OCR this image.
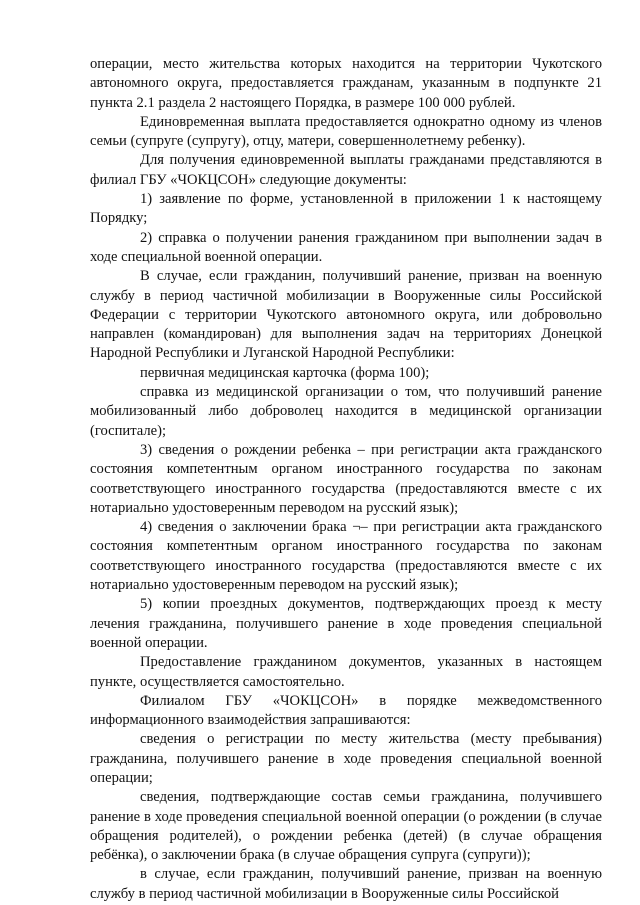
операции, место жительства которых находится на территории Чукотского автономного округа, предоставляется гражданам, указанным в подпункте 21 пункта 2.1 раздела 2 настоящего Порядка, в размере 100 000 рублей.

Единовременная выплата предоставляется однократно одному из членов семьи (супруге (супругу), отцу, матери, совершеннолетнему ребенку).

Для получения единовременной выплаты гражданами представляются в филиал ГБУ «ЧОКЦСОН» следующие документы:

1) заявление по форме, установленной в приложении 1 к настоящему Порядку;

2) справка о получении ранения гражданином при выполнении задач в ходе специальной военной операции.

В случае, если гражданин, получивший ранение, призван на военную службу в период частичной мобилизации в Вооруженные силы Российской Федерации с территории Чукотского автономного округа, или добровольно направлен (командирован) для выполнения задач на территориях Донецкой Народной Республики и Луганской Народной Республики:

первичная медицинская карточка (форма 100);

справка из медицинской организации о том, что получивший ранение мобилизованный либо доброволец находится в медицинской организации (госпитале);

3) сведения о рождении ребенка – при регистрации акта гражданского состояния компетентным органом иностранного государства по законам соответствующего иностранного государства (предоставляются вместе с их нотариально удостоверенным переводом на русский язык);

4) сведения о заключении брака ¬– при регистрации акта гражданского состояния компетентным органом иностранного государства по законам соответствующего иностранного государства (предоставляются вместе с их нотариально удостоверенным переводом на русский язык);

5) копии проездных документов, подтверждающих проезд к месту лечения гражданина, получившего ранение в ходе проведения специальной военной операции.

Предоставление гражданином документов, указанных в настоящем пункте, осуществляется самостоятельно.

Филиалом ГБУ «ЧОКЦСОН» в порядке межведомственного информационного взаимодействия запрашиваются:

сведения о регистрации по месту жительства (месту пребывания) гражданина, получившего ранение в ходе проведения специальной военной операции;

сведения, подтверждающие состав семьи гражданина, получившего ранение в ходе проведения специальной военной операции (о рождении (в случае обращения родителей), о рождении ребенка (детей) (в случае обращения ребёнка), о заключении брака (в случае обращения супруга (супруги));

в случае, если гражданин, получивший ранение, призван на военную службу в период частичной мобилизации в Вооруженные силы Российской
